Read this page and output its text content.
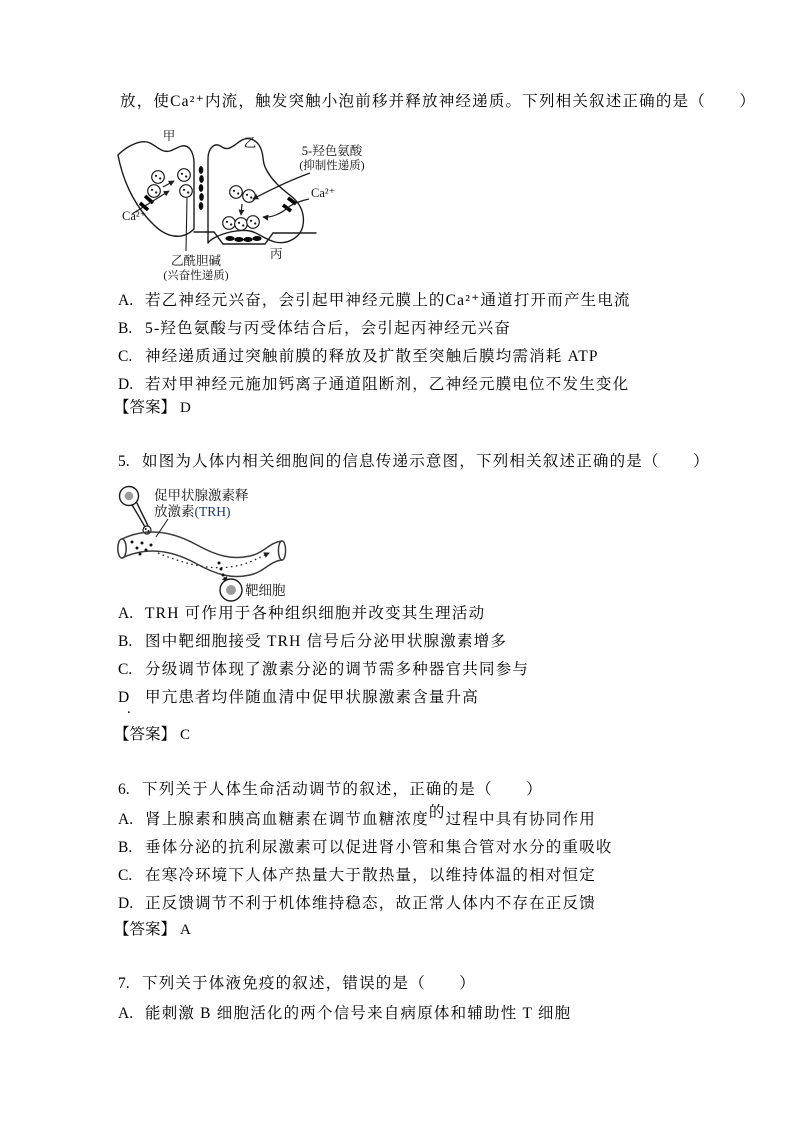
放，使Ca²⁺内流，触发突触小泡前移并释放神经递质。下列相关叙述正确的是（　　）
甲	乙
Ca²⁺
Ca²⁺
5-羟色氨酸
(抑制性递质)
乙酰胆碱
(兴奋性递质)
丙
A. 若乙神经元兴奋，会引起甲神经元膜上的Ca²⁺通道打开而产生电流
B. 5-羟色氨酸与丙受体结合后，会引起丙神经元兴奋
C. 神经递质通过突触前膜的释放及扩散至突触后膜均需消耗 ATP
D. 若对甲神经元施加钙离子通道阻断剂，乙神经元膜电位不发生变化
【答案】 D
5. 如图为人体内相关细胞间的信息传递示意图，下列相关叙述正确的是（　　）
促甲状腺激素释
放激素(TRH)
靶细胞
A. TRH 可作用于各种组织细胞并改变其生理活动
B. 图中靶细胞接受 TRH 信号后分泌甲状腺激素增多
C. 分级调节体现了激素分泌的调节需多种器官共同参与
D 甲亢患者均伴随血清中促甲状腺激素含量升高
.
【答案】 C
6. 下列关于人体生命活动调节的叙述，正确的是（　　）
A. 肾上腺素和胰高血糖素在调节血糖浓度的过程中具有协同作用
B. 垂体分泌的抗利尿激素可以促进肾小管和集合管对水分的重吸收
C. 在寒冷环境下人体产热量大于散热量，以维持体温的相对恒定
D. 正反馈调节不利于机体维持稳态，故正常人体内不存在正反馈
【答案】 A
7. 下列关于体液免疫的叙述，错误的是（　　）
A. 能刺激 B 细胞活化的两个信号来自病原体和辅助性 T 细胞
